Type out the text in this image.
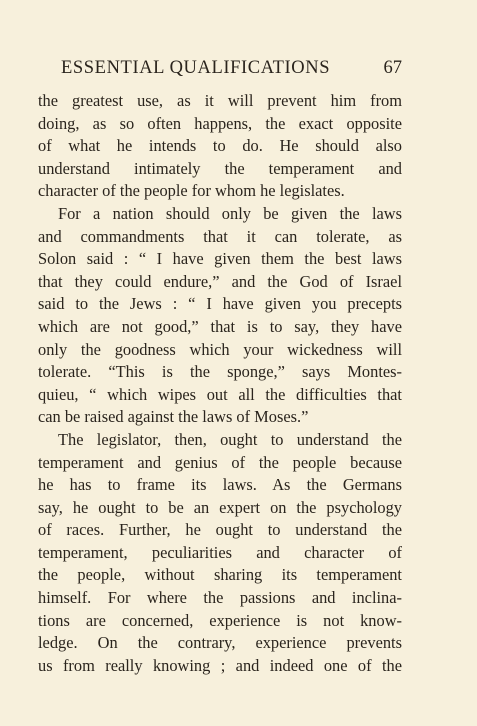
ESSENTIAL QUALIFICATIONS	67
the greatest use, as it will prevent him from
doing, as so often happens, the exact opposite
of what he intends to do. He should also
understand intimately the temperament and
character of the people for whom he legislates.
For a nation should only be given the laws
and commandments that it can tolerate, as
Solon said : “ I have given them the best laws
that they could endure,” and the God of Israel
said to the Jews : “ I have given you precepts
which are not good,” that is to say, they have
only the goodness which your wickedness will
tolerate. “This is the sponge,” says Montes-
quieu, “ which wipes out all the difficulties that
can be raised against the laws of Moses.”
The legislator, then, ought to understand the
temperament and genius of the people because
he has to frame its laws. As the Germans
say, he ought to be an expert on the psychology
of races. Further, he ought to understand the
temperament, peculiarities and character of
the people, without sharing its temperament
himself. For where the passions and inclina-
tions are concerned, experience is not know-
ledge. On the contrary, experience prevents
us from really knowing ; and indeed one of the
